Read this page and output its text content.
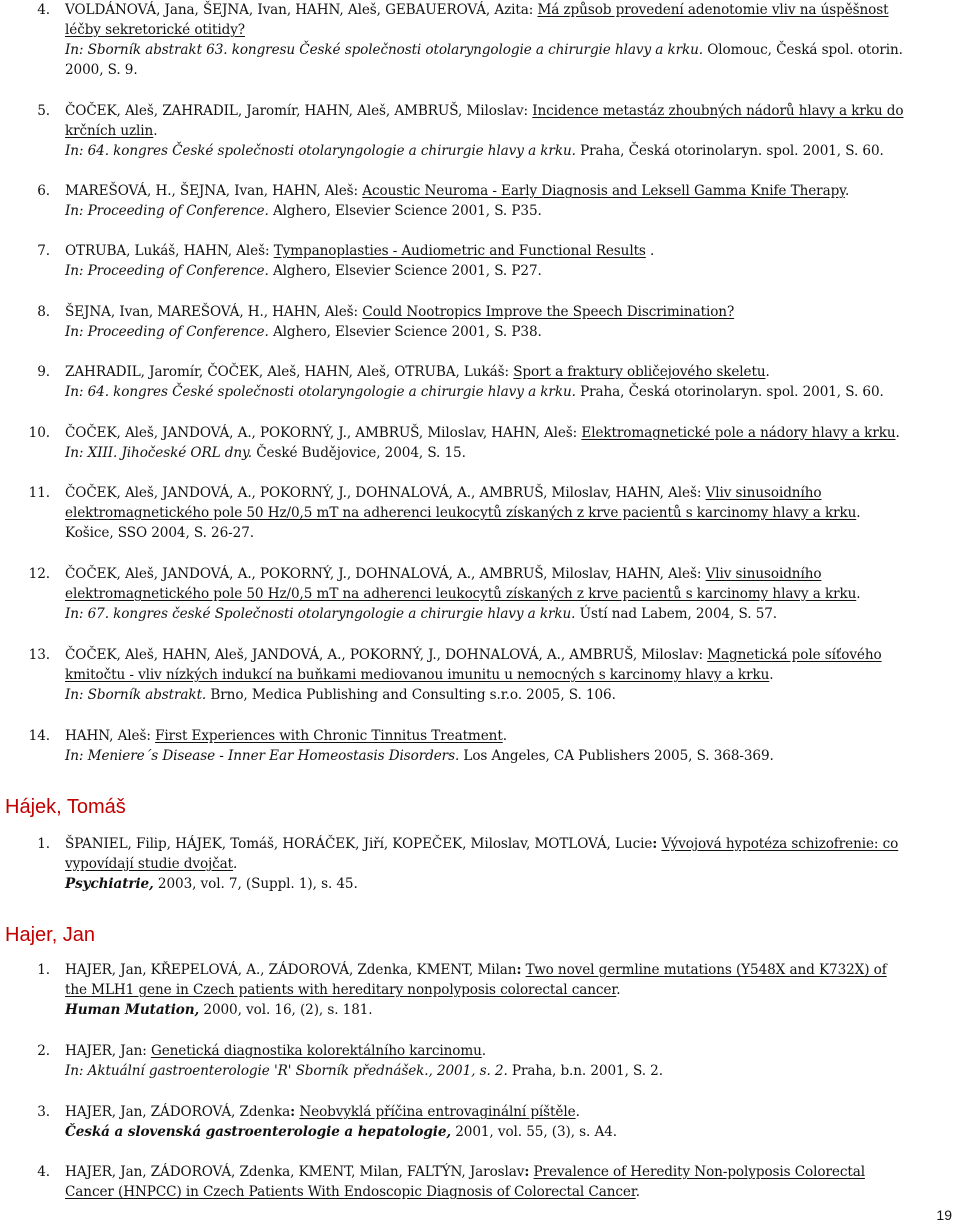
4. VOLDÁNOVÁ, Jana, ŠEJNA, Ivan, HAHN, Aleš, GEBAUEROVÁ, Azita: Má způsob provedení adenotomie vliv na úspěšnost
léčby sekretorické otitidy?
In: Sborník abstrakt 63. kongresu České společnosti otolaryngologie a chirurgie hlavy a krku. Olomouc, Česká spol. otorin.
2000, S. 9.
5. ČOČEK, Aleš, ZAHRADIL, Jaromír, HAHN, Aleš, AMBRUŠ, Miloslav: Incidence metastáz zhoubných nádorů hlavy a krku do
krčních uzlin.
In: 64. kongres České společnosti otolaryngologie a chirurgie hlavy a krku. Praha, Česká otorinolaryn. spol. 2001, S. 60.
6. MAREŠOVÁ, H., ŠEJNA, Ivan, HAHN, Aleš: Acoustic Neuroma - Early Diagnosis and Leksell Gamma Knife Therapy.
In: Proceeding of Conference. Alghero, Elsevier Science 2001, S. P35.
7. OTRUBA, Lukáš, HAHN, Aleš: Tympanoplasties - Audiometric and Functional Results .
In: Proceeding of Conference. Alghero, Elsevier Science 2001, S. P27.
8. ŠEJNA, Ivan, MAREŠOVÁ, H., HAHN, Aleš: Could Nootropics Improve the Speech Discrimination?
In: Proceeding of Conference. Alghero, Elsevier Science 2001, S. P38.
9. ZAHRADIL, Jaromír, ČOČEK, Aleš, HAHN, Aleš, OTRUBA, Lukáš: Sport a fraktury obličejového skeletu.
In: 64. kongres České společnosti otolaryngologie a chirurgie hlavy a krku. Praha, Česká otorinolaryn. spol. 2001, S. 60.
10. ČOČEK, Aleš, JANDOVÁ, A., POKORNÝ, J., AMBRUŠ, Miloslav, HAHN, Aleš: Elektromagnetické pole a nádory hlavy a krku.
In: XIII. Jihočeské ORL dny. České Budějovice, 2004, S. 15.
11. ČOČEK, Aleš, JANDOVÁ, A., POKORNÝ, J., DOHNALOVÁ, A., AMBRUŠ, Miloslav, HAHN, Aleš: Vliv sinusoidního
elektromagnetického pole 50 Hz/0,5 mT na adherenci leukocytů získaných z krve pacientů s karcinomy hlavy a krku.
Košice, SSO 2004, S. 26-27.
12. ČOČEK, Aleš, JANDOVÁ, A., POKORNÝ, J., DOHNALOVÁ, A., AMBRUŠ, Miloslav, HAHN, Aleš: Vliv sinusoidního
elektromagnetického pole 50 Hz/0,5 mT na adherenci leukocytů získaných z krve pacientů s karcinomy hlavy a krku.
In: 67. kongres české Společnosti otolaryngologie a chirurgie hlavy a krku. Ústí nad Labem, 2004, S. 57.
13. ČOČEK, Aleš, HAHN, Aleš, JANDOVÁ, A., POKORNÝ, J., DOHNALOVÁ, A., AMBRUŠ, Miloslav: Magnetická pole síťového
kmitočtu - vliv nízkých indukcí na buňkami mediovanou imunitu u nemocných s karcinomy hlavy a krku.
In: Sborník abstrakt. Brno, Medica Publishing and Consulting s.r.o. 2005, S. 106.
14. HAHN, Aleš: First Experiences with Chronic Tinnitus Treatment.
In: Meniere´s Disease - Inner Ear Homeostasis Disorders. Los Angeles, CA Publishers 2005, S. 368-369.
Hájek, Tomáš
1. ŠPANIEL, Filip, HÁJEK, Tomáš, HORÁČEK, Jiří, KOPEČEK, Miloslav, MOTLOVÁ, Lucie: Vývojová hypotéza schizofrenie: co
vypovídají studie dvojčat.
Psychiatrie, 2003, vol. 7, (Suppl. 1), s. 45.
Hajer, Jan
1. HAJER, Jan, KŘEPELOVÁ, A., ZÁDOROVÁ, Zdenka, KMENT, Milan: Two novel germline mutations (Y548X and K732X) of
the MLH1 gene in Czech patients with hereditary nonpolyposis colorectal cancer.
Human Mutation, 2000, vol. 16, (2), s. 181.
2. HAJER, Jan: Genetická diagnostika kolorektálního karcinomu.
In: Aktuální gastroenterologie 'R' Sborník přednášek., 2001, s. 2. Praha, b.n. 2001, S. 2.
3. HAJER, Jan, ZÁDOROVÁ, Zdenka: Neobvyklá příčina entrovaginální píštěle.
Česká a slovenská gastroenterologie a hepatologie, 2001, vol. 55, (3), s. A4.
4. HAJER, Jan, ZÁDOROVÁ, Zdenka, KMENT, Milan, FALTÝN, Jaroslav: Prevalence of Heredity Non-polyposis Colorectal
Cancer (HNPCC) in Czech Patients With Endoscopic Diagnosis of Colorectal Cancer.
19
